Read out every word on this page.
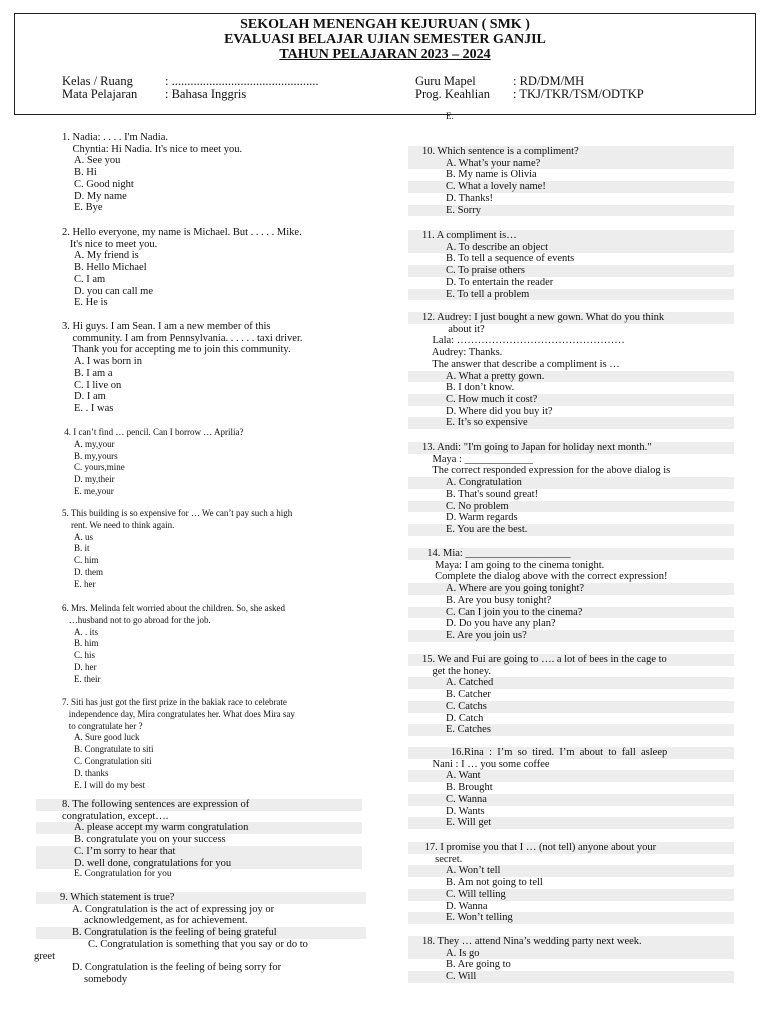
SEKOLAH MENENGAH KEJURUAN ( SMK )
EVALUASI BELAJAR UJIAN SEMESTER GANJIL
TAHUN PELAJARAN 2023 – 2024
Kelas / Ruang	: ...............................................
Mata Pelajaran : Bahasa Inggris
Guru Mapel	: RD/DM/MH
Prog. Keahlian : TKJ/TKR/TSM/ODTKP
E.
1. Nadia: . . . . I'm Nadia.
Chyntia: Hi Nadia. It's nice to meet you.
A. See you
B. Hi
C. Good night
D. My name
E. Bye
2. Hello everyone, my name is Michael. But . . . . . Mike.
It's nice to meet you.
A. My friend is
B. Hello Michael
C. I am
D. you can call me
E. He is
3. Hi guys. I am Sean. I am a new member of this
community. I am from Pennsylvania. . . . . . taxi driver.
Thank you for accepting me to join this community.
A. I was born in
B. I am a
C. I live on
D. I am
E. . I was
4. I can’t find … pencil. Can I borrow … Aprilia?
A. my,your
B. my,yours
C. yours,mine
D. my,their
E. me,your
5. This building is so expensive for … We can’t pay such a high
rent. We need to think again.
A. us
B. it
C. him
D. them
E. her
6. Mrs. Melinda felt worried about the children. So, she asked
…husband not to go abroad for the job.
A. . its
B. him
C. his
D. her
E. their
7. Siti has just got the first prize in the bakiak race to celebrate
independence day, Mira congratulates her. What does Mira say
to congratulate her ?
A. Sure good luck
B. Congratulate to siti
C. Congratulation siti
D. thanks
E. I will do my best
10. Which sentence is a compliment?
A. What’s your name?
B. My name is Olivia
C. What a lovely name!
D. Thanks!
E. Sorry
11. A compliment is…
A. To describe an object
B. To tell a sequence of events
C. To praise others
D. To entertain the reader
E. To tell a problem
12. Audrey: I just bought a new gown. What do you think
about it?
Lala: …………………………………………
Audrey: Thanks.
The answer that describe a compliment is …
A. What a pretty gown.
B. I don’t know.
C. How much it cost?
D. Where did you buy it?
E. It’s so expensive
13. Andi: "I'm going to Japan for holiday next month."
Maya : _____________
The correct responded expression for the above dialog is
A. Congratulation
B. That's sound great!
C. No problem
D. Warm regards
E. You are the best.
14. Mia: ____________________
Maya: I am going to the cinema tonight.
Complete the dialog above with the correct expression!
A. Where are you going tonight?
B. Are you busy tonight?
C. Can I join you to the cinema?
D. Do you have any plan?
E. Are you join us?
15. We and Fui are going to …. a lot of bees in the cage to
get the honey.
A. Catched
B. Catcher
C. Catchs
D. Catch
E. Catches
16.Rina  :  I’m  so  tired.  I’m  about  to  fall  asleep
Nani : I … you some coffee
A. Want
B. Brought
C. Wanna
D. Wants
E. Will get
17. I promise you that I … (not tell) anyone about your
secret.
A. Won’t tell
B. Am not going to tell
C. Will telling
D. Wanna
E. Won’t telling
18. They … attend Nina’s wedding party next week.
A. Is go
B. Are going to
C. Will
8. The following sentences are expression of
congratulation, except….
A. please accept my warm congratulation
B. congratulate you on your success
C. I’m sorry to hear that
D. well done, congratulations for you
E. Congratulation for you
9. Which statement is true?
A. Congratulation is the act of expressing joy or
acknowledgement, as for achievement.
B. Congratulation is the feeling of being grateful
C. Congratulation is something that you say or do to
greet
D. Congratulation is the feeling of being sorry for
somebody
